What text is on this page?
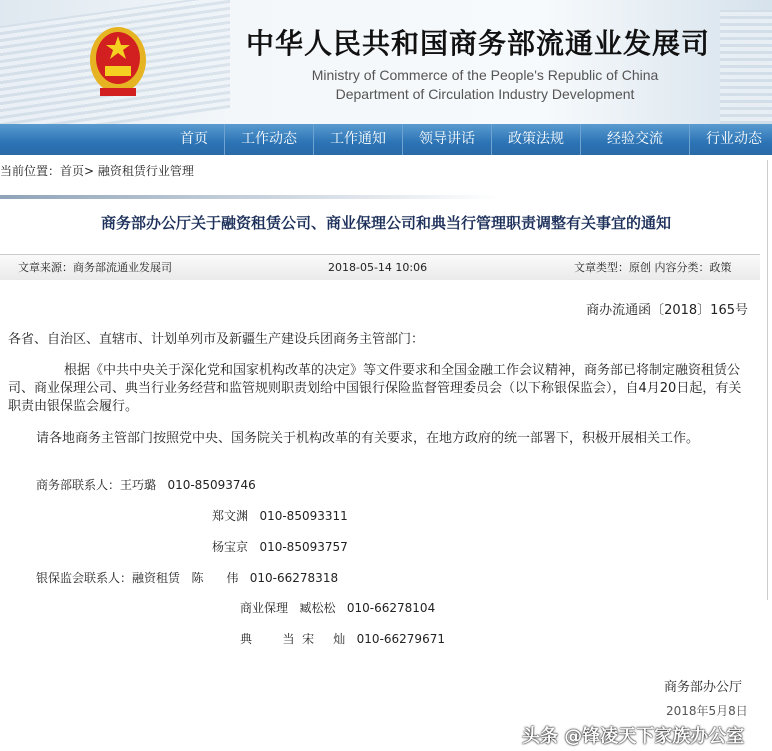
中华人民共和国商务部流通业发展司
Ministry of Commerce of the People's Republic of China
Department of Circulation Industry Development
首页	工作动态	工作通知	领导讲话	政策法规	经验交流	行业动态
当前位置：首页> 融资租赁行业管理
商务部办公厅关于融资租赁公司、商业保理公司和典当行管理职责调整有关事宜的通知
文章来源：商务部流通业发展司	2018-05-14 10:06	文章类型：原创 内容分类：政策
商办流通函〔2018〕165号
各省、自治区、直辖市、计划单列市及新疆生产建设兵团商务主管部门：
根据《中共中央关于深化党和国家机构改革的决定》等文件要求和全国金融工作会议精神，商务部已将制定融资租赁公司、商业保理公司、典当行业务经营和监管规则职责划给中国银行保险监督管理委员会（以下称银保监会），自4月20日起，有关职责由银保监会履行。
请各地商务主管部门按照党中央、国务院关于机构改革的有关要求，在地方政府的统一部署下，积极开展相关工作。
商务部联系人：王巧璐   010-85093746
郑文渊   010-85093311
杨宝京   010-85093757
银保监会联系人：融资租赁   陈      伟   010-66278318
商业保理   臧松松   010-66278104
典        当  宋     灿   010-66279671
商务部办公厅
2018年5月8日
头条 @锋凌天下家族办公室
